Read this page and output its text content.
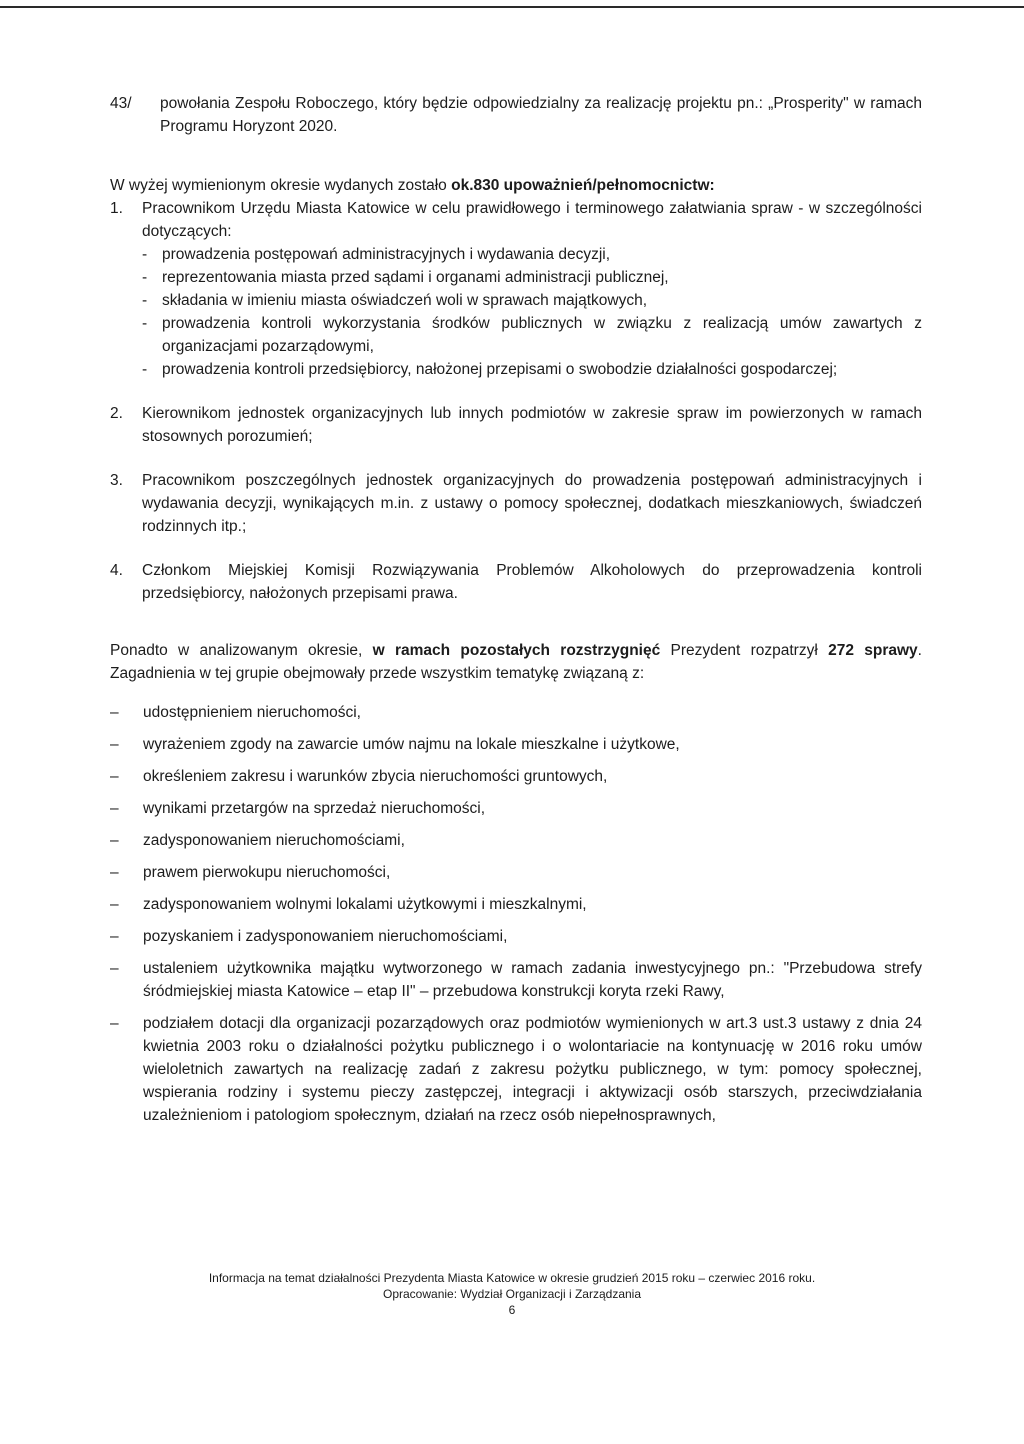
43/	powołania Zespołu Roboczego, który będzie odpowiedzialny za realizację projektu pn.: „Prosperity" w ramach Programu Horyzont 2020.

W wyżej wymienionym okresie wydanych zostało ok.830 upoważnień/pełnomocnictw:

1.	Pracownikom Urzędu Miasta Katowice w celu prawidłowego i terminowego załatwiania spraw - w szczególności dotyczących:
- prowadzenia postępowań administracyjnych i wydawania decyzji,
- reprezentowania miasta przed sądami i organami administracji publicznej,
- składania w imieniu miasta oświadczeń woli w sprawach majątkowych,
- prowadzenia kontroli wykorzystania środków publicznych w związku z realizacją umów zawartych z organizacjami pozarządowymi,
- prowadzenia kontroli przedsiębiorcy, nałożonej przepisami o swobodzie działalności gospodarczej;
2.	Kierownikom jednostek organizacyjnych lub innych podmiotów w zakresie spraw im powierzonych w ramach stosownych porozumień;
3.	Pracownikom poszczególnych jednostek organizacyjnych do prowadzenia postępowań administracyjnych i wydawania decyzji, wynikających m.in. z ustawy o pomocy społecznej, dodatkach mieszkaniowych, świadczeń rodzinnych itp.;
4.	Członkom Miejskiej Komisji Rozwiązywania Problemów Alkoholowych do przeprowadzenia kontroli przedsiębiorcy, nałożonych przepisami prawa.

Ponadto w analizowanym okresie, w ramach pozostałych rozstrzygnięć Prezydent rozpatrzył 272 sprawy. Zagadnienia w tej grupie obejmowały przede wszystkim tematykę związaną z:

–	udostępnieniem nieruchomości,
–	wyrażeniem zgody na zawarcie umów najmu na lokale mieszkalne i użytkowe,
–	określeniem zakresu i warunków zbycia nieruchomości gruntowych,
–	wynikami przetargów na sprzedaż nieruchomości,
–	zadysponowaniem nieruchomościami,
–	prawem pierwokupu nieruchomości,
–	zadysponowaniem wolnymi lokalami użytkowymi i mieszkalnymi,
–	pozyskaniem i zadysponowaniem nieruchomościami,
–	ustaleniem użytkownika majątku wytworzonego w ramach zadania inwestycyjnego pn.: "Przebudowa strefy śródmiejskiej miasta Katowice – etap II" – przebudowa konstrukcji koryta rzeki Rawy,
–	podziałem dotacji dla organizacji pozarządowych oraz podmiotów wymienionych w art.3 ust.3 ustawy z dnia 24 kwietnia 2003 roku o działalności pożytku publicznego i o wolontariacie na kontynuację w 2016 roku umów wieloletnich zawartych na realizację zadań z zakresu pożytku publicznego, w tym: pomocy społecznej, wspierania rodziny i systemu pieczy zastępczej, integracji i aktywizacji osób starszych, przeciwdziałania uzależnieniom i patologiom społecznym, działań na rzecz osób niepełnosprawnych,
Informacja na temat działalności Prezydenta Miasta Katowice w okresie grudzień 2015 roku – czerwiec 2016 roku.
Opracowanie: Wydział Organizacji i Zarządzania
6
